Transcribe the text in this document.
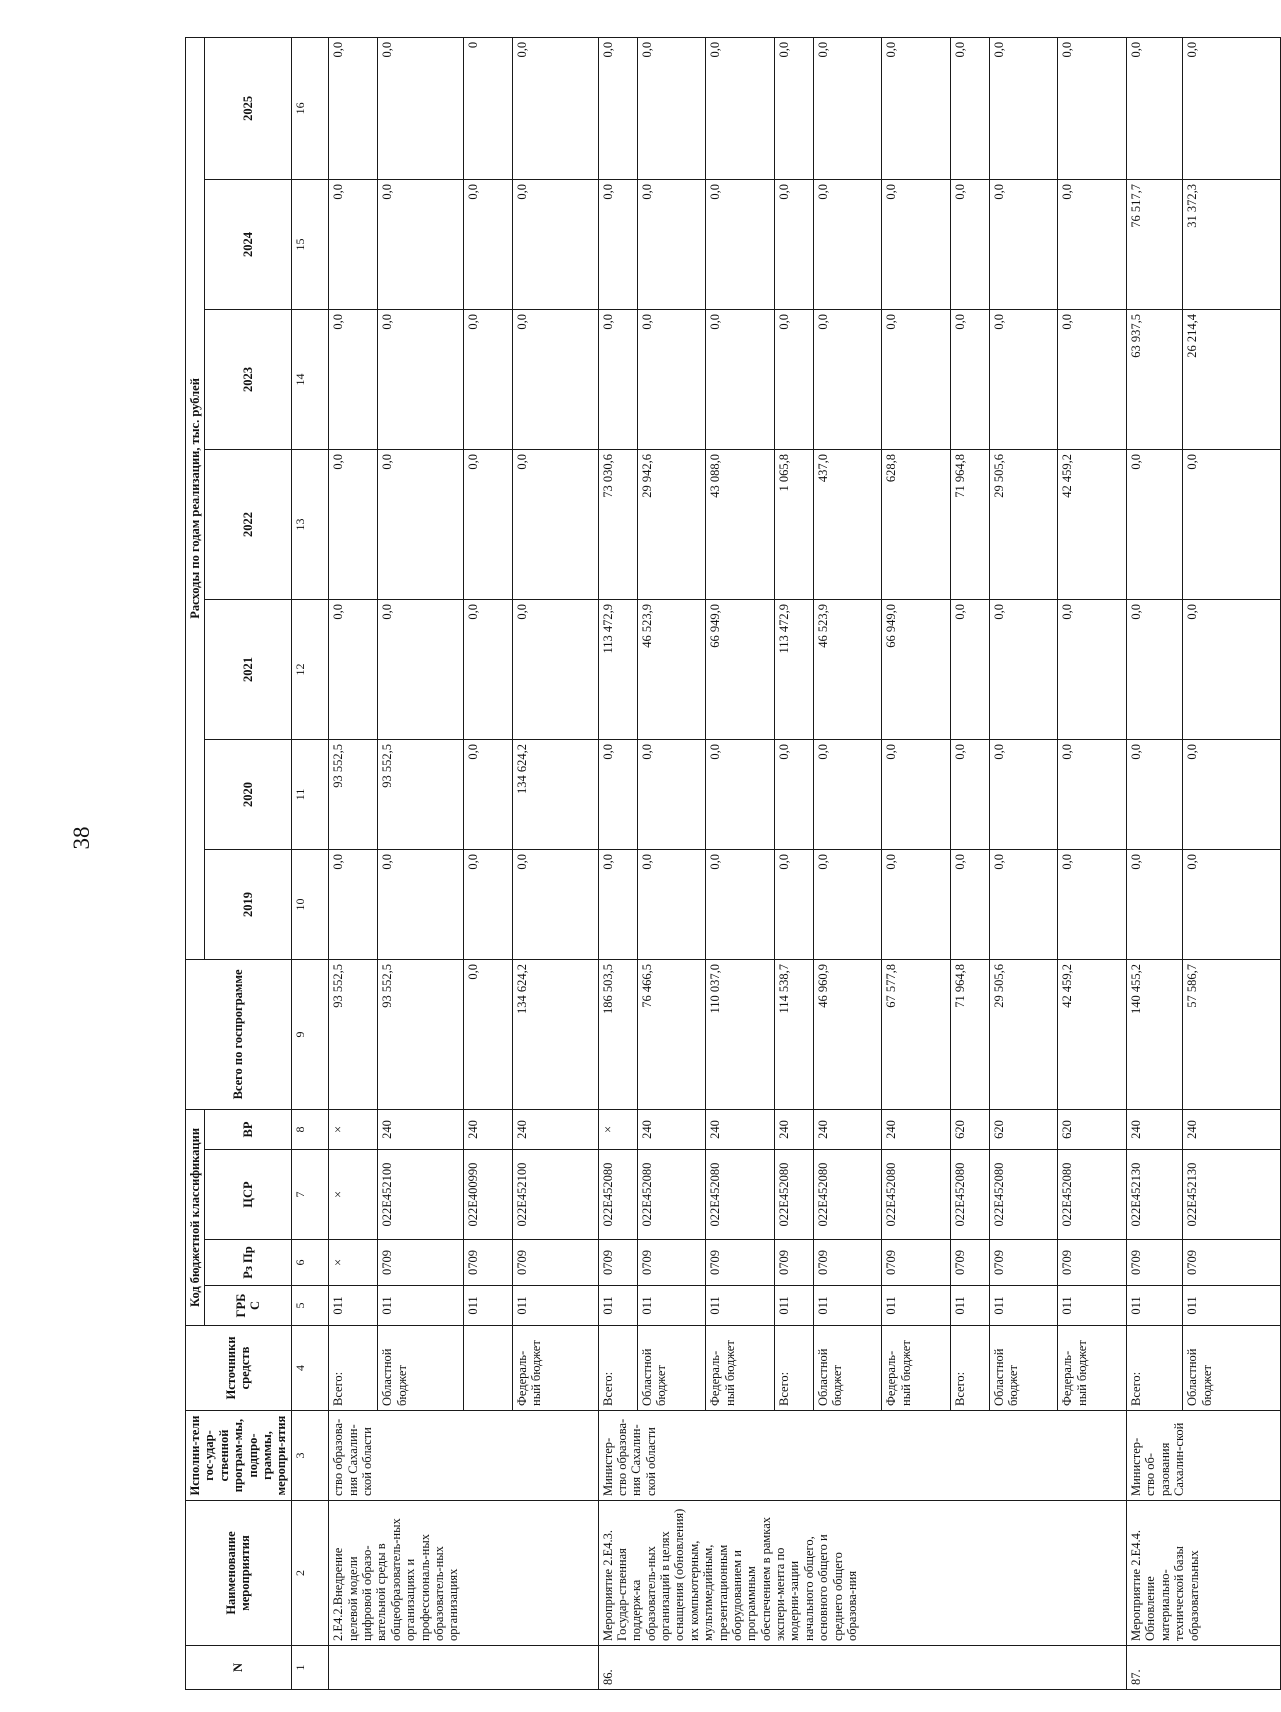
38
N	Наименование мероприятия	Исполни-тели гос-удар-ственной програм-мы, подпро-граммы, меропри-ятия	Источники средств	Код бюджетной классификации				Всего по госпрограмме	Расходы по годам реализации, тыс. рублей						
				ГРБ С	Рз Пр	ЦСР	ВР		2019	2020	2021	2022	2023	2024	2025

1	2	3	4	5	6	7	8	9	10	11	12	13	14	15	16
	2.Е4.2.Внедрение целевой модели цифровой образо-вательной среды в общеобразователь-ных организациях и профессиональ-ных образователь-ных организациях	ство образова-ния Сахалин-ской области	Всего:	011	×	×	×	93 552,5	0,0	93 552,5	0,0	0,0	0,0	0,0	0,0
			Областной бюджет	011	0709	022Е452100	240	93 552,5	0,0	93 552,5	0,0	0,0	0,0	0,0	0,0
				011	0709	022Е400990	240	0,0	0,0	0,0	0,0	0,0	0,0	0,0	0
			Федераль-ный бюджет	011	0709	022Е452100	240	134 624,2	0,0	134 624,2	0,0	0,0	0,0	0,0	0,0
86.	Мероприятие 2.Е4.3. Государ-ственная поддерж-ка образователь-ных организаций в целях оснащения (обновления) их компьютерным, мультимедийным, презентационным оборудованием и программным обеспечением в рамках экспери-мента по модерни-зации начального общего, основного общего и среднего общего образова-ния	Министер-ство образова-ния Сахалин-ской области	Всего:	011	0709	022Е452080	×	186 503,5	0,0	0,0	113 472,9	73 030,6	0,0	0,0	0,0
			Областной бюджет	011	0709	022Е452080	240	76 466,5	0,0	0,0	46 523,9	29 942,6	0,0	0,0	0,0
			Федераль-ный бюджет	011	0709	022Е452080	240	110 037,0	0,0	0,0	66 949,0	43 088,0	0,0	0,0	0,0
			Всего:	011	0709	022Е452080	240	114 538,7	0,0	0,0	113 472,9	1 065,8	0,0	0,0	0,0
			Областной бюджет	011	0709	022Е452080	240	46 960,9	0,0	0,0	46 523,9	437,0	0,0	0,0	0,0
			Федераль-ный бюджет	011	0709	022Е452080	240	67 577,8	0,0	0,0	66 949,0	628,8	0,0	0,0	0,0
			Всего:	011	0709	022Е452080	620	71 964,8	0,0	0,0	0,0	71 964,8	0,0	0,0	0,0
			Областной бюджет	011	0709	022Е452080	620	29 505,6	0,0	0,0	0,0	29 505,6	0,0	0,0	0,0
			Федераль-ный бюджет	011	0709	022Е452080	620	42 459,2	0,0	0,0	0,0	42 459,2	0,0	0,0	0,0
87.	Мероприятие 2.Е4.4. Обновление материально-технической базы образовательных	Министер-ство об-разования Сахалин-ской	Всего:	011	0709	022Е452130	240	140 455,2	0,0	0,0	0,0	0,0	63 937,5	76 517,7	0,0
			Областной бюджет	011	0709	022Е452130	240	57 586,7	0,0	0,0	0,0	0,0	26 214,4	31 372,3	0,0
